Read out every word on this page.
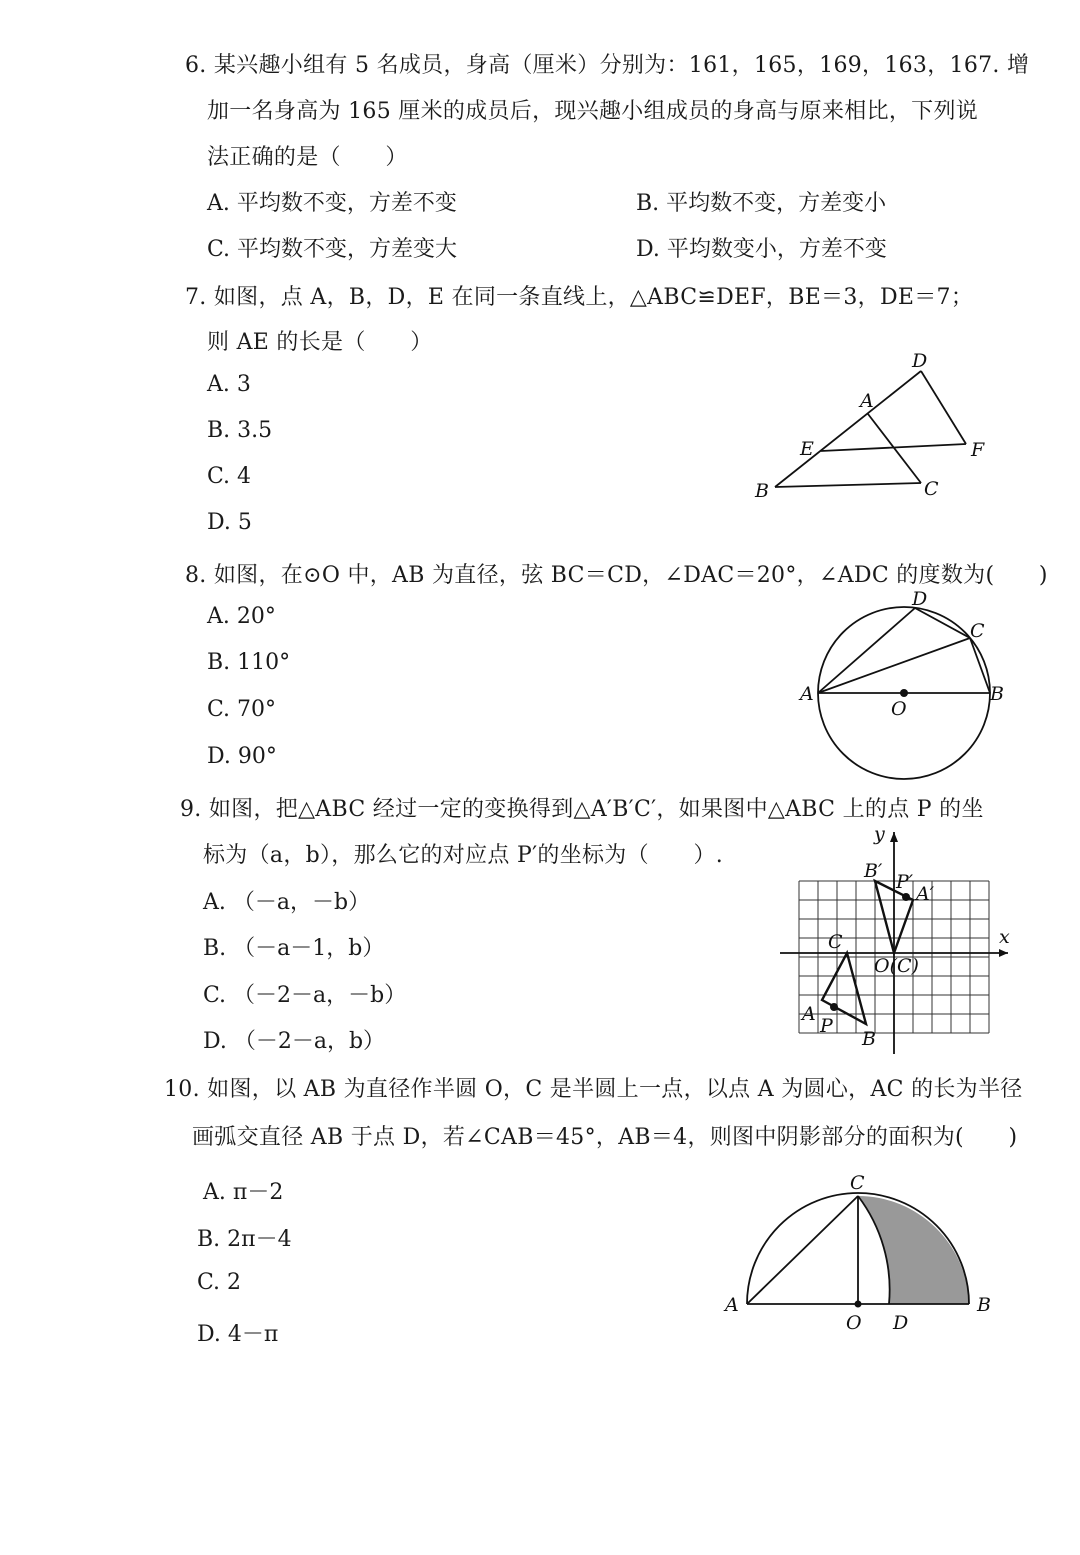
6. 某兴趣小组有 5 名成员，身高（厘米）分别为：161，165，169，163，167. 增
加一名身高为 165 厘米的成员后，现兴趣小组成员的身高与原来相比，下列说
法正确的是（　　）
A. 平均数不变，方差不变	B. 平均数不变，方差变小
C. 平均数不变，方差变大	D. 平均数变小，方差不变
7. 如图，点 A，B，D，E 在同一条直线上，△ABC≌DEF，BE＝3，DE＝7；
则 AE 的长是（　　）
A. 3
B. 3.5
C. 4
D. 5
D
A
E	F
B	C
8. 如图，在⊙O 中，AB 为直径，弦 BC＝CD，∠DAC＝20°，∠ADC 的度数为(　　)
A. 20°
B. 110°
C. 70°
D. 90°
D
C
A
O
B
9. 如图，把△ABC 经过一定的变换得到△A′B′C′，如果图中△ABC 上的点 P 的坐
标为（a，b），那么它的对应点 P′的坐标为（　　）.
A. （－a，－b）
B. （－a－1，b）
C. （－2－a，－b）
D. （－2－a，b）
y
x
B′ P′
A′
C
O(C)
A
P
B
10. 如图，以 AB 为直径作半圆 O，C 是半圆上一点，以点 A 为圆心，AC 的长为半径
画弧交直径 AB 于点 D，若∠CAB＝45°，AB＝4，则图中阴影部分的面积为(　　)
A. π－2
B. 2π－4
C. 2
D. 4－π
C
A
O D
B
